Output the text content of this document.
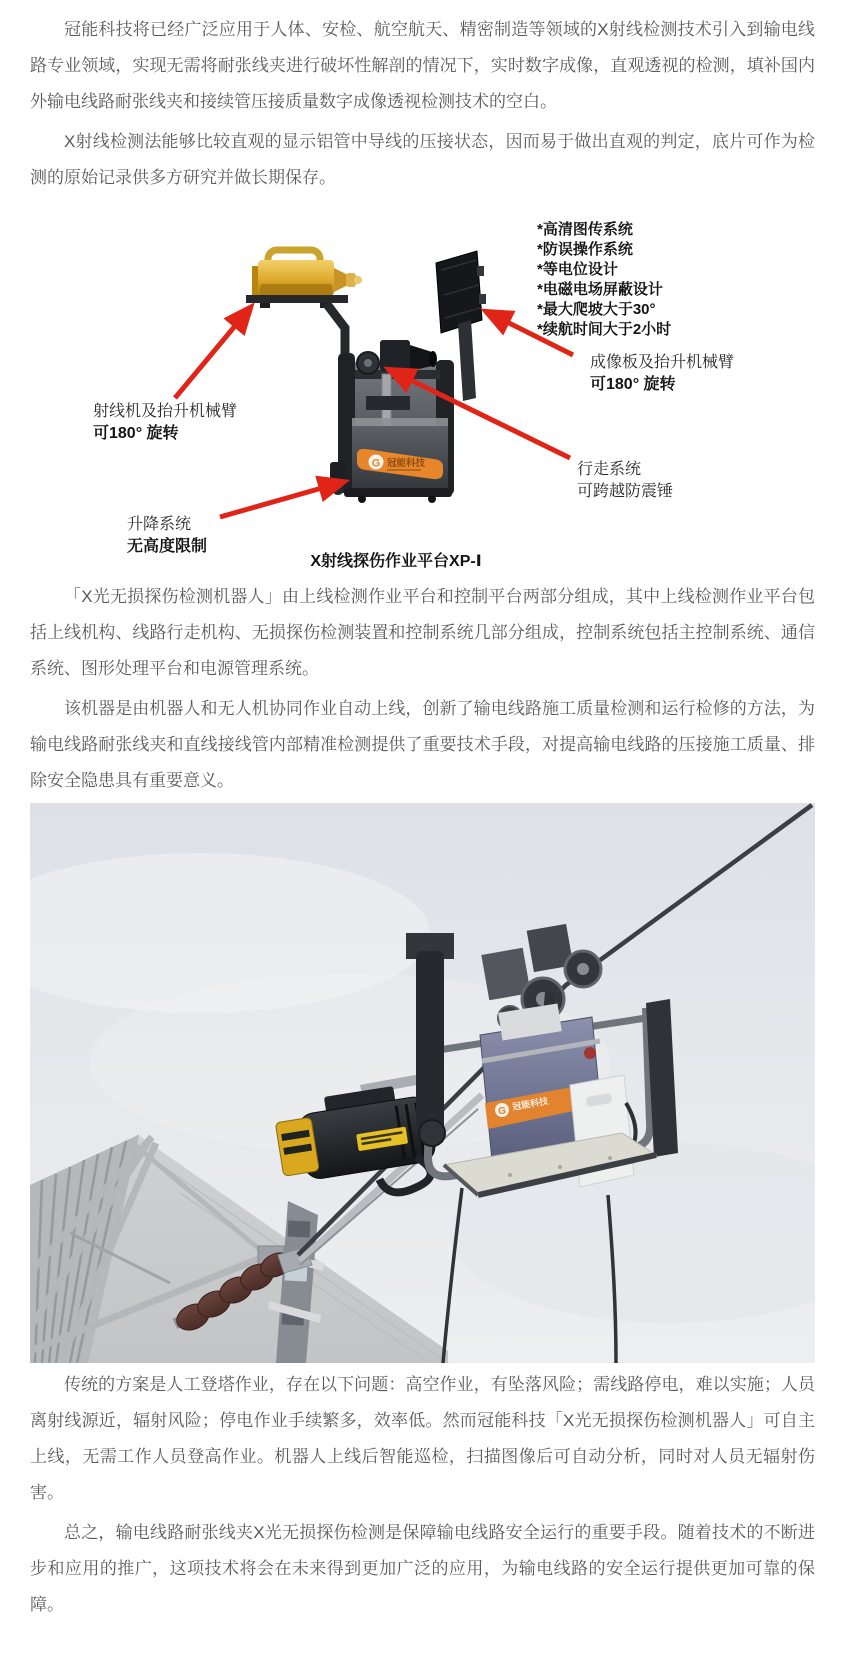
冠能科技将已经广泛应用于人体、安检、航空航天、精密制造等领域的X射线检测技术引入到输电线路专业领域，实现无需将耐张线夹进行破坏性解剖的情况下，实时数字成像，直观透视的检测，填补国内外输电线路耐张线夹和接续管压接质量数字成像透视检测技术的空白。

X射线检测法能够比较直观的显示铝管中导线的压接状态，因而易于做出直观的判定，底片可作为检测的原始记录供多方研究并做长期保存。

G 冠能科技
*高清图传系统
*防误操作系统
*等电位设计
*电磁电场屏蔽设计
*最大爬坡大于30°
*续航时间大于2小时
射线机及抬升机械臂
可180° 旋转
成像板及抬升机械臂
可180° 旋转
行走系统
可跨越防震锤
升降系统
无高度限制
X射线探伤作业平台XP-Ⅰ

「X光无损探伤检测机器人」由上线检测作业平台和控制平台两部分组成，其中上线检测作业平台包括上线机构、线路行走机构、无损探伤检测装置和控制系统几部分组成，控制系统包括主控制系统、通信系统、图形处理平台和电源管理系统。

该机器是由机器人和无人机协同作业自动上线，创新了输电线路施工质量检测和运行检修的方法，为输电线路耐张线夹和直线接线管内部精准检测提供了重要技术手段，对提高输电线路的压接施工质量、排除安全隐患具有重要意义。

G 冠能科技

传统的方案是人工登塔作业，存在以下问题：高空作业，有坠落风险；需线路停电，难以实施；人员离射线源近，辐射风险；停电作业手续繁多，效率低。然而冠能科技「X光无损探伤检测机器人」可自主上线，无需工作人员登高作业。机器人上线后智能巡检，扫描图像后可自动分析，同时对人员无辐射伤害。

总之，输电线路耐张线夹X光无损探伤检测是保障输电线路安全运行的重要手段。随着技术的不断进步和应用的推广，这项技术将会在未来得到更加广泛的应用，为输电线路的安全运行提供更加可靠的保障。
